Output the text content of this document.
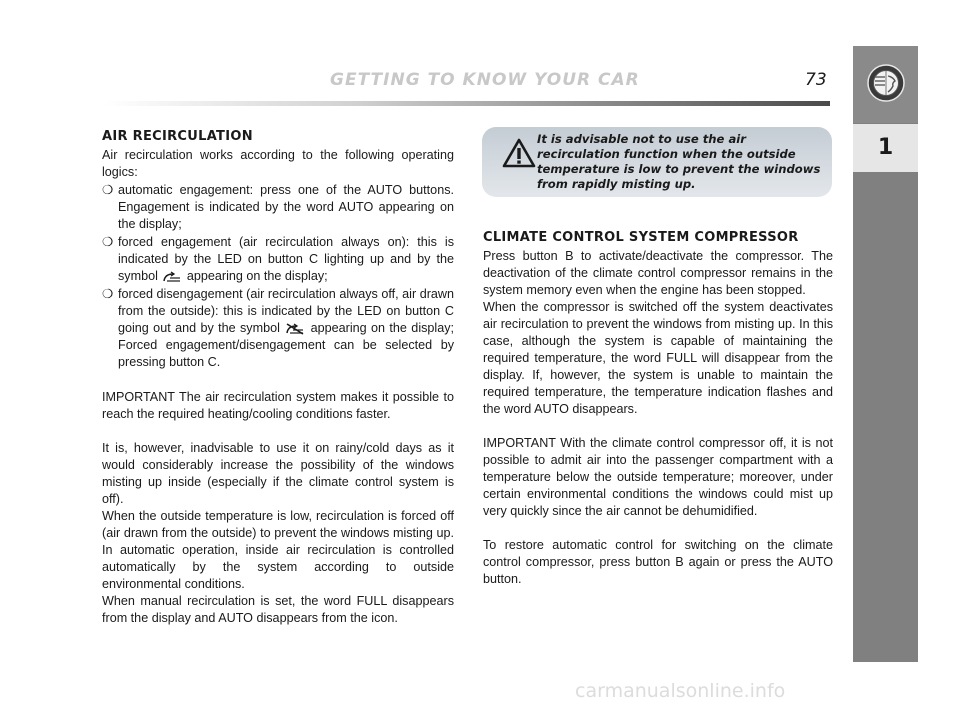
GETTING TO KNOW YOUR CAR	73
1
AIR RECIRCULATION

Air recirculation works according to the following operating logics:

❍ automatic engagement: press one of the AUTO buttons. Engagement is indicated by the word AUTO appearing on the display;
❍ forced engagement (air recirculation always on): this is indicated by the LED on button C lighting up and by the symbol appearing on the display;
❍ forced disengagement (air recirculation always off, air drawn from the outside): this is indicated by the LED on button C going out and by the symbol appearing on the display; Forced engagement/disengagement can be selected by pressing button C.

IMPORTANT The air recirculation system makes it possible to reach the required heating/cooling conditions faster.

It is, however, inadvisable to use it on rainy/cold days as it would considerably increase the possibility of the windows misting up inside (especially if the climate control system is off).

When the outside temperature is low, recirculation is forced off (air drawn from the outside) to prevent the windows misting up. In automatic operation, inside air recirculation is controlled automatically by the system according to outside environmental conditions.

When manual recirculation is set, the word FULL disappears from the display and AUTO disappears from the icon.

It is advisable not to use the air recirculation function when the outside temperature is low to prevent the windows from rapidly misting up.
CLIMATE CONTROL SYSTEM COMPRESSOR

Press button B to activate/deactivate the compressor. The deactivation of the climate control compressor remains in the system memory even when the engine has been stopped.

When the compressor is switched off the system deactivates air recirculation to prevent the windows from misting up. In this case, although the system is capable of maintaining the required temperature, the word FULL will disappear from the display. If, however, the system is unable to maintain the required temperature, the temperature indication flashes and the word AUTO disappears.

IMPORTANT With the climate control compressor off, it is not possible to admit air into the passenger compartment with a temperature below the outside temperature; moreover, under certain environmental conditions the windows could mist up very quickly since the air cannot be dehumidified.

To restore automatic control for switching on the climate control compressor, press button B again or press the AUTO button.

carmanualsonline.info
